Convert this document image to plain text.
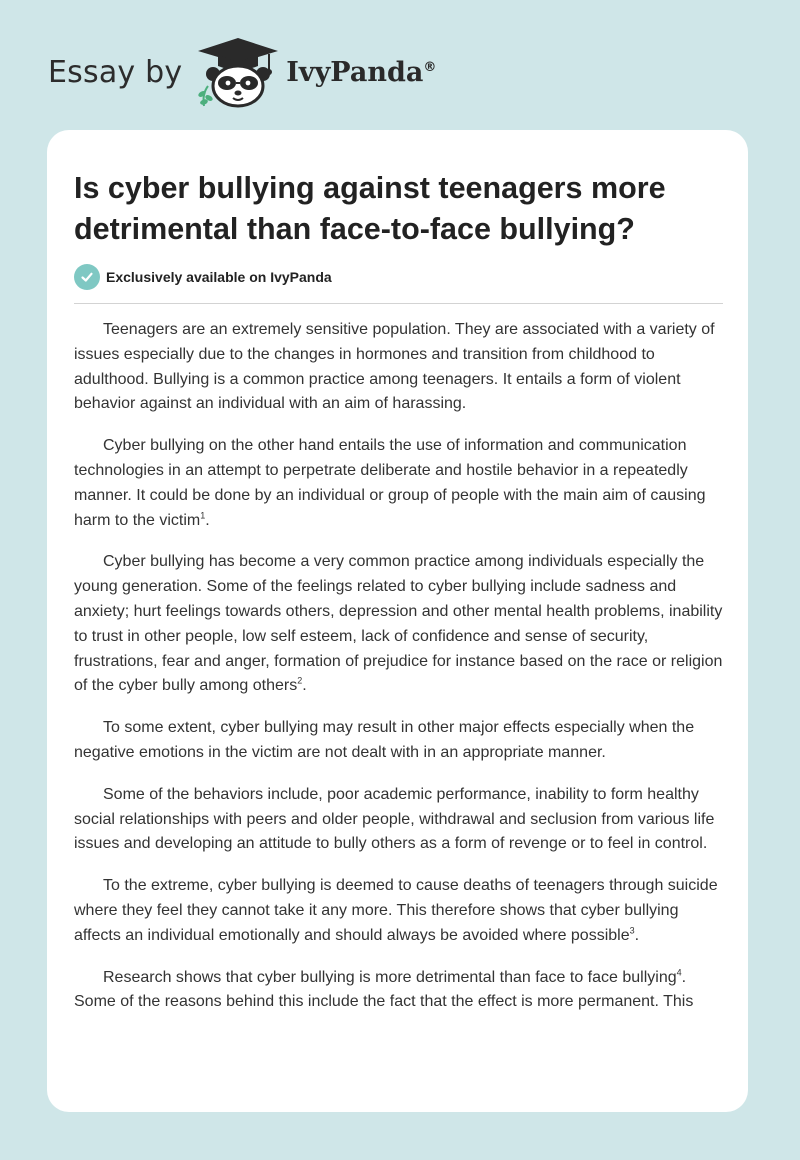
Essay by	IvyPanda®
Is cyber bullying against teenagers more detrimental than face-to-face bullying?
Exclusively available on IvyPanda

Teenagers are an extremely sensitive population. They are associated with a variety of issues especially due to the changes in hormones and transition from childhood to adulthood. Bullying is a common practice among teenagers. It entails a form of violent behavior against an individual with an aim of harassing.

Cyber bullying on the other hand entails the use of information and communication technologies in an attempt to perpetrate deliberate and hostile behavior in a repeatedly manner. It could be done by an individual or group of people with the main aim of causing harm to the victim$^1$.

Cyber bullying has become a very common practice among individuals especially the young generation. Some of the feelings related to cyber bullying include sadness and anxiety; hurt feelings towards others, depression and other mental health problems, inability to trust in other people, low self esteem, lack of confidence and sense of security, frustrations, fear and anger, formation of prejudice for instance based on the race or religion of the cyber bully among others$^2$.

To some extent, cyber bullying may result in other major effects especially when the negative emotions in the victim are not dealt with in an appropriate manner.

Some of the behaviors include, poor academic performance, inability to form healthy social relationships with peers and older people, withdrawal and seclusion from various life issues and developing an attitude to bully others as a form of revenge or to feel in control.

To the extreme, cyber bullying is deemed to cause deaths of teenagers through suicide where they feel they cannot take it any more. This therefore shows that cyber bullying affects an individual emotionally and should always be avoided where possible$^3$.

Research shows that cyber bullying is more detrimental than face to face bullying$^4$. Some of the reasons behind this include the fact that the effect is more permanent. This
